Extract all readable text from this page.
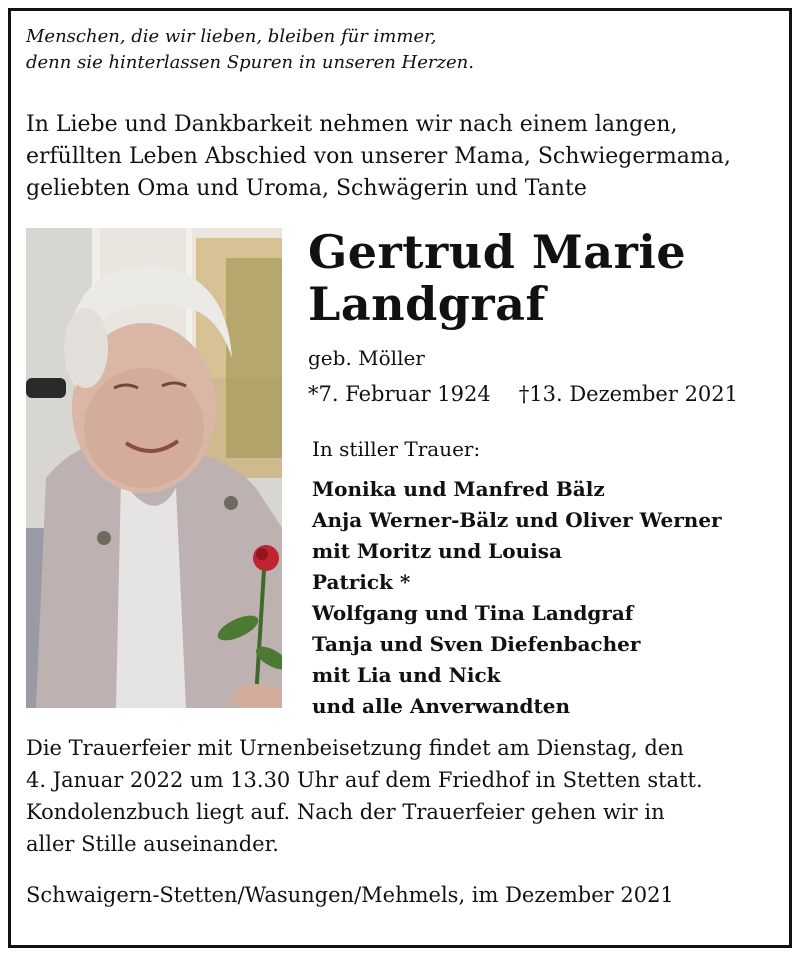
Menschen, die wir lieben, bleiben für immer,
denn sie hinterlassen Spuren in unseren Herzen.
In Liebe und Dankbarkeit nehmen wir nach einem langen,
erfüllten Leben Abschied von unserer Mama, Schwiegermama,
geliebten Oma und Uroma, Schwägerin und Tante
Gertrud Marie
Landgraf
geb. Möller
*7. Februar 1924 †13. Dezember 2021
In stiller Trauer:
Monika und Manfred Bälz
Anja Werner-Bälz und Oliver Werner
mit Moritz und Louisa
Patrick *
Wolfgang und Tina Landgraf
Tanja und Sven Diefenbacher
mit Lia und Nick
und alle Anverwandten
Die Trauerfeier mit Urnenbeisetzung findet am Dienstag, den
4. Januar 2022 um 13.30 Uhr auf dem Friedhof in Stetten statt.
Kondolenzbuch liegt auf. Nach der Trauerfeier gehen wir in
aller Stille auseinander.
Schwaigern-Stetten/Wasungen/Mehmels, im Dezember 2021
